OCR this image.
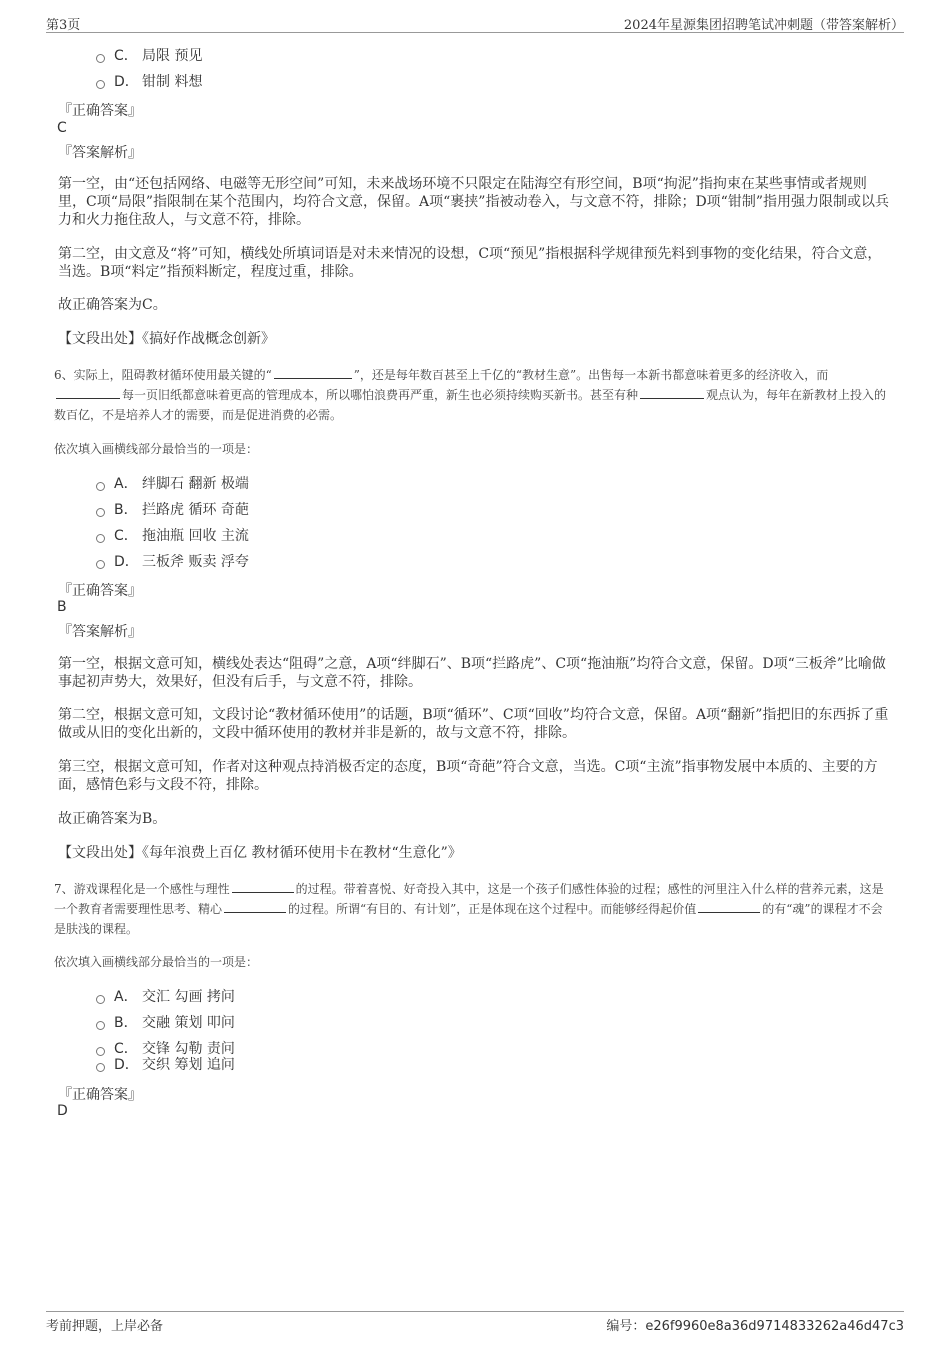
第3页	2024年星源集团招聘笔试冲刺题（带答案解析）
C． 局限 预见
D． 钳制 料想
『正确答案』
C
『答案解析』
第一空，由“还包括网络、电磁等无形空间”可知，未来战场环境不只限定在陆海空有形空间，B项“拘泥”指拘束在某些事情或者规则里，C项“局限”指限制在某个范围内，均符合文意，保留。A项“裹挟”指被动卷入，与文意不符，排除；D项“钳制”指用强力限制或以兵力和火力拖住敌人，与文意不符，排除。
第二空，由文意及“将”可知，横线处所填词语是对未来情况的设想，C项“预见”指根据科学规律预先料到事物的变化结果，符合文意，当选。B项“料定”指预料断定，程度过重，排除。
故正确答案为C。
【文段出处】《搞好作战概念创新》
6、实际上，阻碍教材循环使用最关键的“	”，还是每年数百甚至上千亿的“教材生意”。出售每一本新书都意味着更多的经济收入，而每一页旧纸都意味着更高的管理成本，所以哪怕浪费再严重，新生也必须持续购买新书。甚至有种	观点认为，每年在新教材上投入的数百亿，不是培养人才的需要，而是促进消费的必需。
依次填入画横线部分最恰当的一项是：
A． 绊脚石 翻新 极端
B． 拦路虎 循环 奇葩
C． 拖油瓶 回收 主流
D． 三板斧 贩卖 浮夸
『正确答案』
B
『答案解析』
第一空，根据文意可知，横线处表达“阻碍”之意，A项“绊脚石”、B项“拦路虎”、C项“拖油瓶”均符合文意，保留。D项“三板斧”比喻做事起初声势大，效果好，但没有后手，与文意不符，排除。
第二空，根据文意可知，文段讨论“教材循环使用”的话题，B项“循环”、C项“回收”均符合文意，保留。A项“翻新”指把旧的东西拆了重做或从旧的变化出新的，文段中循环使用的教材并非是新的，故与文意不符，排除。
第三空，根据文意可知，作者对这种观点持消极否定的态度，B项“奇葩”符合文意，当选。C项“主流”指事物发展中本质的、主要的方面，感情色彩与文段不符，排除。
故正确答案为B。
【文段出处】《每年浪费上百亿 教材循环使用卡在教材“生意化”》
7、游戏课程化是一个感性与理性	的过程。带着喜悦、好奇投入其中，这是一个孩子们感性体验的过程；感性的河里注入什么样的营养元素，这是一个教育者需要理性思考、精心	的过程。所谓“有目的、有计划”，正是体现在这个过程中。而能够经得起价值	的有“魂”的课程才不会是肤浅的课程。
依次填入画横线部分最恰当的一项是：
A． 交汇 勾画 拷问
B． 交融 策划 叩问
C． 交锋 勾勒 责问
D． 交织 筹划 追问
『正确答案』
D
考前押题，上岸必备	编号：e26f9960e8a36d9714833262a46d47c3
